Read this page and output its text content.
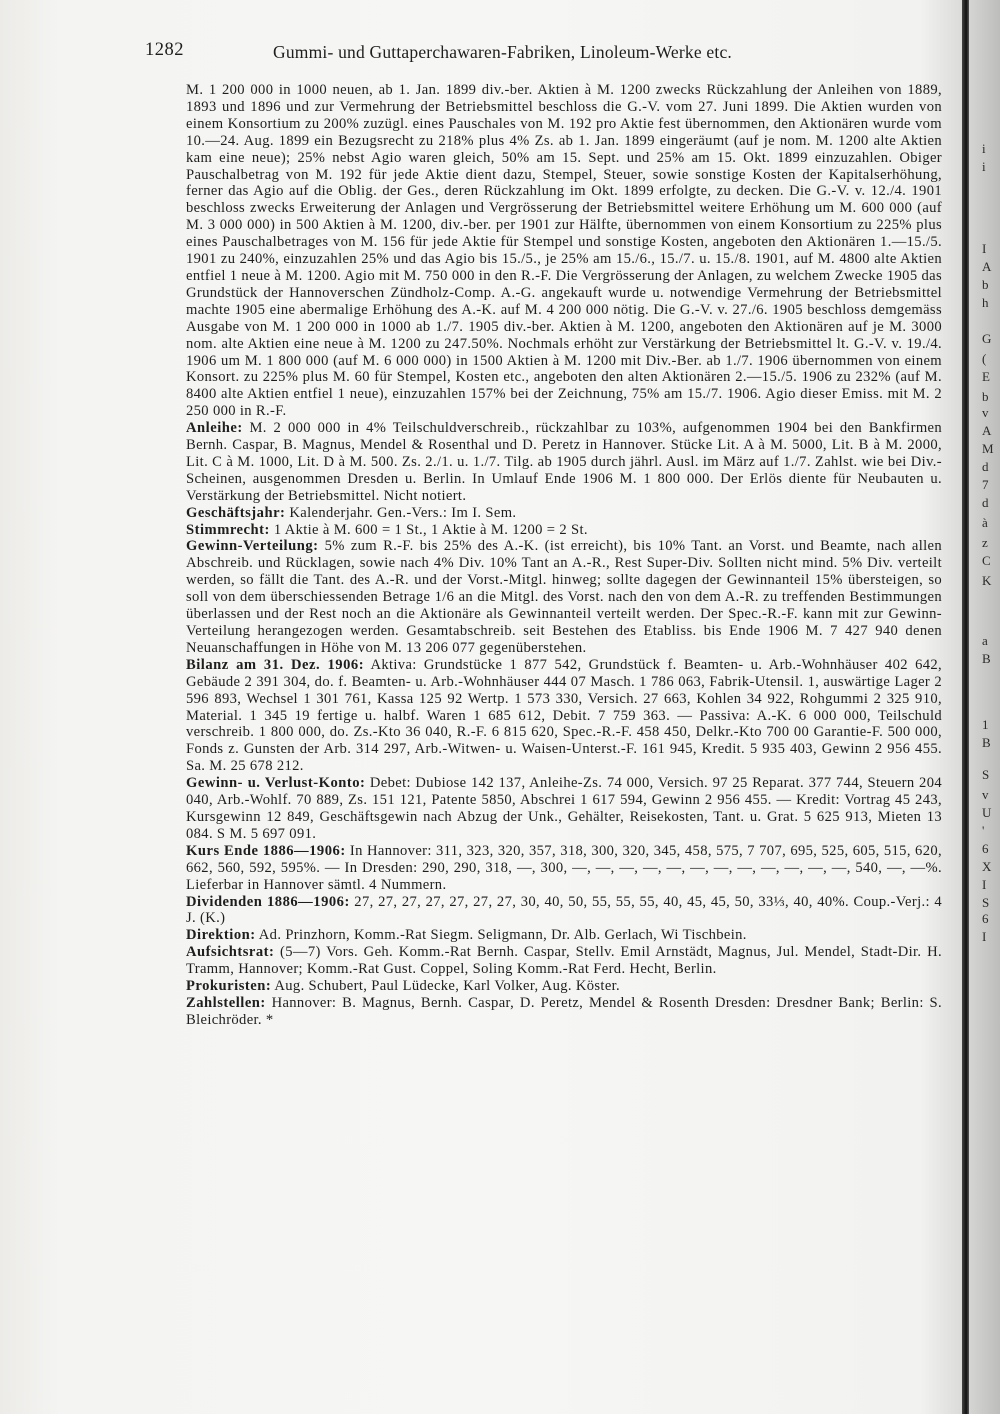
1282	Gummi- und Guttaperchawaren-Fabriken, Linoleum-Werke etc.

M. 1 200 000 in 1000 neuen, ab 1. Jan. 1899 div.-ber. Aktien à M. 1200 zwecks Rückzahlung der Anleihen von 1889, 1893 und 1896 und zur Vermehrung der Betriebsmittel beschloss die G.-V. vom 27. Juni 1899. Die Aktien wurden von einem Konsortium zu 200% zuzügl. eines Pauschales von M. 192 pro Aktie fest übernommen, den Aktionären wurde vom 10.—24. Aug. 1899 ein Bezugsrecht zu 218% plus 4% Zs. ab 1. Jan. 1899 eingeräumt (auf je nom. M. 1200 alte Aktien kam eine neue); 25% nebst Agio waren gleich, 50% am 15. Sept. und 25% am 15. Okt. 1899 einzuzahlen. Obiger Pauschalbetrag von M. 192 für jede Aktie dient dazu, Stempel, Steuer, sowie sonstige Kosten der Kapitalserhöhung, ferner das Agio auf die Oblig. der Ges., deren Rückzahlung im Okt. 1899 erfolgte, zu decken. Die G.-V. v. 12./4. 1901 beschloss zwecks Erweiterung der Anlagen und Vergrösserung der Betriebsmittel weitere Erhöhung um M. 600 000 (auf M. 3 000 000) in 500 Aktien à M. 1200, div.-ber. per 1901 zur Hälfte, übernommen von einem Konsortium zu 225% plus eines Pauschalbetrages von M. 156 für jede Aktie für Stempel und sonstige Kosten, angeboten den Aktionären 1.—15./5. 1901 zu 240%, einzuzahlen 25% und das Agio bis 15./5., je 25% am 15./6., 15./7. u. 15./8. 1901, auf M. 4800 alte Aktien entfiel 1 neue à M. 1200. Agio mit M. 750 000 in den R.-F. Die Vergrösserung der Anlagen, zu welchem Zwecke 1905 das Grundstück der Hannoverschen Zündholz-Comp. A.-G. angekauft wurde u. notwendige Vermehrung der Betriebsmittel machte 1905 eine abermalige Erhöhung des A.-K. auf M. 4 200 000 nötig. Die G.-V. v. 27./6. 1905 beschloss demgemäss Ausgabe von M. 1 200 000 in 1000 ab 1./7. 1905 div.-ber. Aktien à M. 1200, angeboten den Aktionären auf je M. 3000 nom. alte Aktien eine neue à M. 1200 zu 247.50%. Nochmals erhöht zur Verstärkung der Betriebsmittel lt. G.-V. v. 19./4. 1906 um M. 1 800 000 (auf M. 6 000 000) in 1500 Aktien à M. 1200 mit Div.-Ber. ab 1./7. 1906 übernommen von einem Konsort. zu 225% plus M. 60 für Stempel, Kosten etc., angeboten den alten Aktionären 2.—15./5. 1906 zu 232% (auf M. 8400 alte Aktien entfiel 1 neue), einzuzahlen 157% bei der Zeichnung, 75% am 15./7. 1906. Agio dieser Emiss. mit M. 2 250 000 in R.-F.

Anleihe: M. 2 000 000 in 4% Teilschuldverschreib., rückzahlbar zu 103%, aufgenommen 1904 bei den Bankfirmen Bernh. Caspar, B. Magnus, Mendel & Rosenthal und D. Peretz in Hannover. Stücke Lit. A à M. 5000, Lit. B à M. 2000, Lit. C à M. 1000, Lit. D à M. 500. Zs. 2./1. u. 1./7. Tilg. ab 1905 durch jährl. Ausl. im März auf 1./7. Zahlst. wie bei Div.-Scheinen, ausgenommen Dresden u. Berlin. In Umlauf Ende 1906 M. 1 800 000. Der Erlös diente für Neubauten u. Verstärkung der Betriebsmittel. Nicht notiert.

Geschäftsjahr: Kalenderjahr. Gen.-Vers.: Im I. Sem.

Stimmrecht: 1 Aktie à M. 600 = 1 St., 1 Aktie à M. 1200 = 2 St.

Gewinn-Verteilung: 5% zum R.-F. bis 25% des A.-K. (ist erreicht), bis 10% Tant. an Vorst. und Beamte, nach allen Abschreib. und Rücklagen, sowie nach 4% Div. 10% Tant an A.-R., Rest Super-Div. Sollten nicht mind. 5% Div. verteilt werden, so fällt die Tant. des A.-R. und der Vorst.-Mitgl. hinweg; sollte dagegen der Gewinnanteil 15% übersteigen, so soll von dem überschiessenden Betrage 1/6 an die Mitgl. des Vorst. nach den von dem A.-R. zu treffenden Bestimmungen überlassen und der Rest noch an die Aktionäre als Gewinnanteil verteilt werden. Der Spec.-R.-F. kann mit zur Gewinn-Verteilung herangezogen werden. Gesamtabschreib. seit Bestehen des Etabliss. bis Ende 1906 M. 7 427 940 denen Neuanschaffungen in Höhe von M. 13 206 077 gegenüberstehen.

Bilanz am 31. Dez. 1906: Aktiva: Grundstücke 1 877 542, Grundstück f. Beamten- u. Arb.-Wohnhäuser 402 642, Gebäude 2 391 304, do. f. Beamten- u. Arb.-Wohnhäuser 444 07 Masch. 1 786 063, Fabrik-Utensil. 1, auswärtige Lager 2 596 893, Wechsel 1 301 761, Kassa 125 92 Wertp. 1 573 330, Versich. 27 663, Kohlen 34 922, Rohgummi 2 325 910, Material. 1 345 19 fertige u. halbf. Waren 1 685 612, Debit. 7 759 363. — Passiva: A.-K. 6 000 000, Teilschuld verschreib. 1 800 000, do. Zs.-Kto 36 040, R.-F. 6 815 620, Spec.-R.-F. 458 450, Delkr.-Kto 700 00 Garantie-F. 500 000, Fonds z. Gunsten der Arb. 314 297, Arb.-Witwen- u. Waisen-Unterst.-F. 161 945, Kredit. 5 935 403, Gewinn 2 956 455. Sa. M. 25 678 212.

Gewinn- u. Verlust-Konto: Debet: Dubiose 142 137, Anleihe-Zs. 74 000, Versich. 97 25 Reparat. 377 744, Steuern 204 040, Arb.-Wohlf. 70 889, Zs. 151 121, Patente 5850, Abschrei 1 617 594, Gewinn 2 956 455. — Kredit: Vortrag 45 243, Kursgewinn 12 849, Geschäftsgewin nach Abzug der Unk., Gehälter, Reisekosten, Tant. u. Grat. 5 625 913, Mieten 13 084. S M. 5 697 091.

Kurs Ende 1886—1906: In Hannover: 311, 323, 320, 357, 318, 300, 320, 345, 458, 575, 7 707, 695, 525, 605, 515, 620, 662, 560, 592, 595%. — In Dresden: 290, 290, 318, —, 300, —, —, —, —, —, —, —, —, —, —, —, —, 540, —, —%. Lieferbar in Hannover sämtl. 4 Nummern.

Dividenden 1886—1906: 27, 27, 27, 27, 27, 27, 27, 30, 40, 50, 55, 55, 55, 40, 45, 45, 50, 33⅓, 40, 40%. Coup.-Verj.: 4 J. (K.)

Direktion: Ad. Prinzhorn, Komm.-Rat Siegm. Seligmann, Dr. Alb. Gerlach, Wi Tischbein.

Aufsichtsrat: (5—7) Vors. Geh. Komm.-Rat Bernh. Caspar, Stellv. Emil Arnstädt, Magnus, Jul. Mendel, Stadt-Dir. H. Tramm, Hannover; Komm.-Rat Gust. Coppel, Soling Komm.-Rat Ferd. Hecht, Berlin.

Prokuristen: Aug. Schubert, Paul Lüdecke, Karl Volker, Aug. Köster.

Zahlstellen: Hannover: B. Magnus, Bernh. Caspar, D. Peretz, Mendel & Rosenth Dresden: Dresdner Bank; Berlin: S. Bleichröder. *

i
i
I
A
b
h
G
(
E
b
v
A
M
d
7
d
à
z
C
K
a
B
1
B
S
v
U
'
6
X
I
S
6
I
